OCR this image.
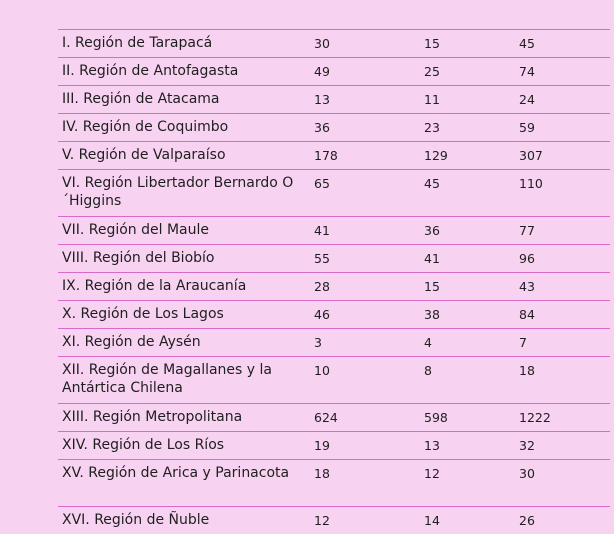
I. Región de Tarapacá	30	15	45
II. Región de Antofagasta	49	25	74
III. Región de Atacama	13	11	24
IV. Región de Coquimbo	36	23	59
V. Región de Valparaíso	178	129	307
VI. Región Libertador Bernardo O´Higgins	65	45	110
VII. Región del Maule	41	36	77
VIII. Región del Biobío	55	41	96
IX. Región de la Araucanía	28	15	43
X. Región de Los Lagos	46	38	84
XI. Región de Aysén	3	4	7
XII. Región de Magallanes y la Antártica Chilena	10	8	18
XIII. Región Metropolitana	624	598	1222
XIV. Región de Los Ríos	19	13	32
XV. Región de Arica y Parinacota	18	12	30
XVI. Región de Ñuble	12	14	26
